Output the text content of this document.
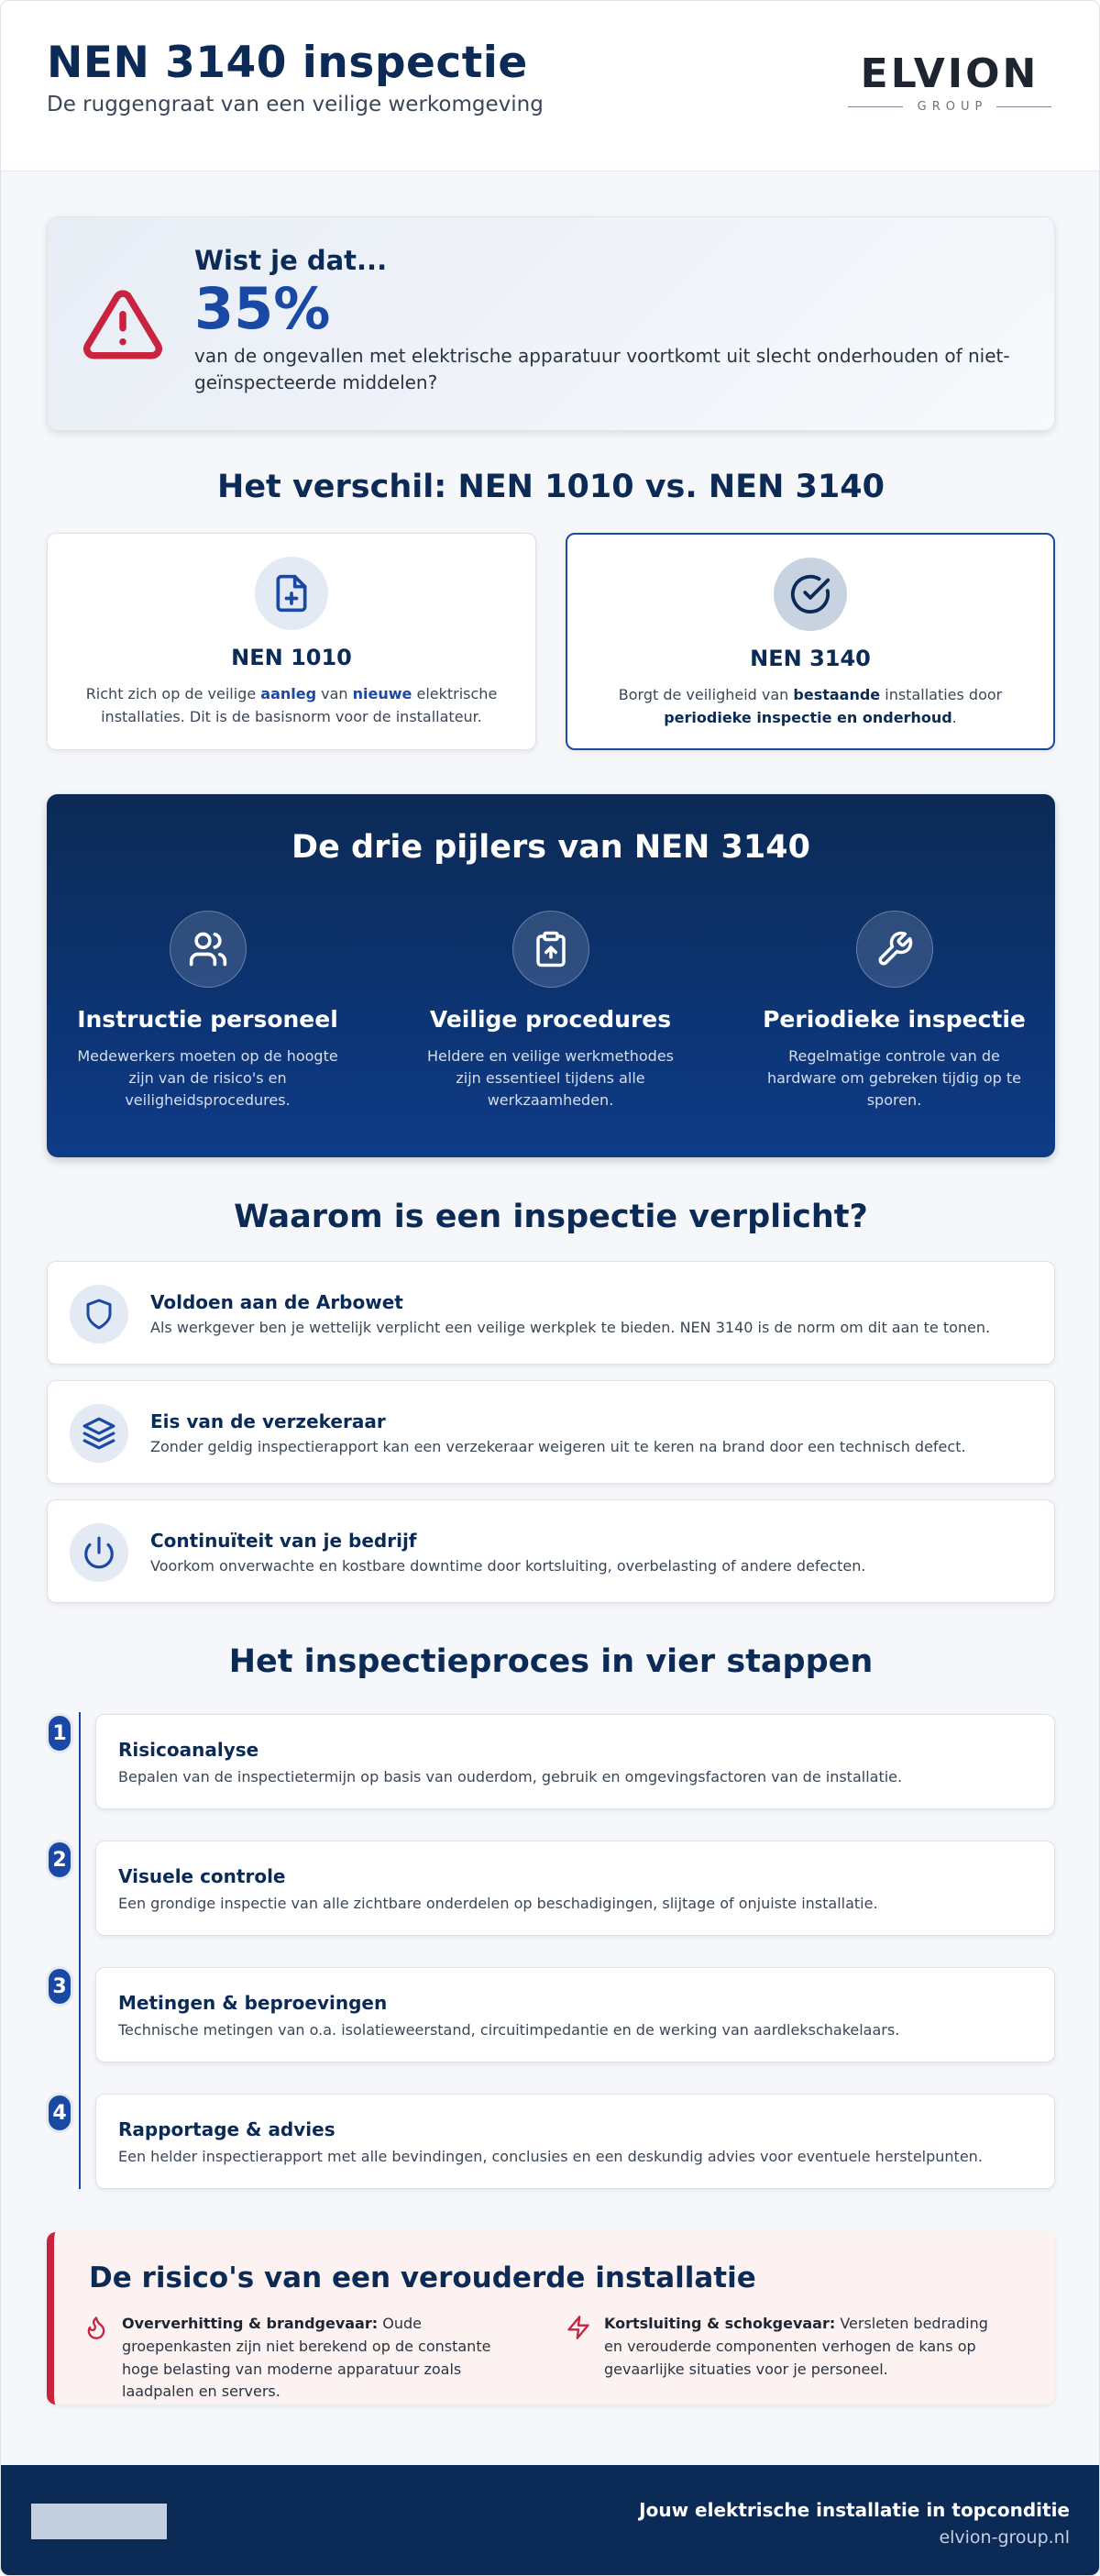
NEN 3140 inspectie
De ruggengraat van een veilige werkomgeving
ELVION
GROUP
Wist je dat...
35%
van de ongevallen met elektrische apparatuur voortkomt uit slecht onderhouden of niet-geïnspecteerde middelen?
Het verschil: NEN 1010 vs. NEN 3140
NEN 1010

Richt zich op de veilige aanleg van nieuwe elektrische installaties. Dit is de basisnorm voor de installateur.

NEN 3140

Borgt de veiligheid van bestaande installaties door periodieke inspectie en onderhoud.

De drie pijlers van NEN 3140
Instructie personeel

Medewerkers moeten op de hoogte zijn van de risico's en veiligheidsprocedures.

Veilige procedures

Heldere en veilige werkmethodes zijn essentieel tijdens alle werkzaamheden.

Periodieke inspectie

Regelmatige controle van de hardware om gebreken tijdig op te sporen.

Waarom is een inspectie verplicht?
Voldoen aan de Arbowet

Als werkgever ben je wettelijk verplicht een veilige werkplek te bieden. NEN 3140 is de norm om dit aan te tonen.

Eis van de verzekeraar

Zonder geldig inspectierapport kan een verzekeraar weigeren uit te keren na brand door een technisch defect.

Continuïteit van je bedrijf

Voorkom onverwachte en kostbare downtime door kortsluiting, overbelasting of andere defecten.

Het inspectieproces in vier stappen
1
Risicoanalyse

Bepalen van de inspectietermijn op basis van ouderdom, gebruik en omgevingsfactoren van de installatie.

2
Visuele controle

Een grondige inspectie van alle zichtbare onderdelen op beschadigingen, slijtage of onjuiste installatie.

3
Metingen & beproevingen

Technische metingen van o.a. isolatieweerstand, circuitimpedantie en de werking van aardlekschakelaars.

4
Rapportage & advies

Een helder inspectierapport met alle bevindingen, conclusies en een deskundig advies voor eventuele herstelpunten.

De risico's van een verouderde installatie

Oververhitting & brandgevaar: Oude groepenkasten zijn niet berekend op de constante hoge belasting van moderne apparatuur zoals laadpalen en servers.

Kortsluiting & schokgevaar: Versleten bedrading en verouderde componenten verhogen de kans op gevaarlijke situaties voor je personeel.

Jouw elektrische installatie in topconditie
elvion-group.nl
